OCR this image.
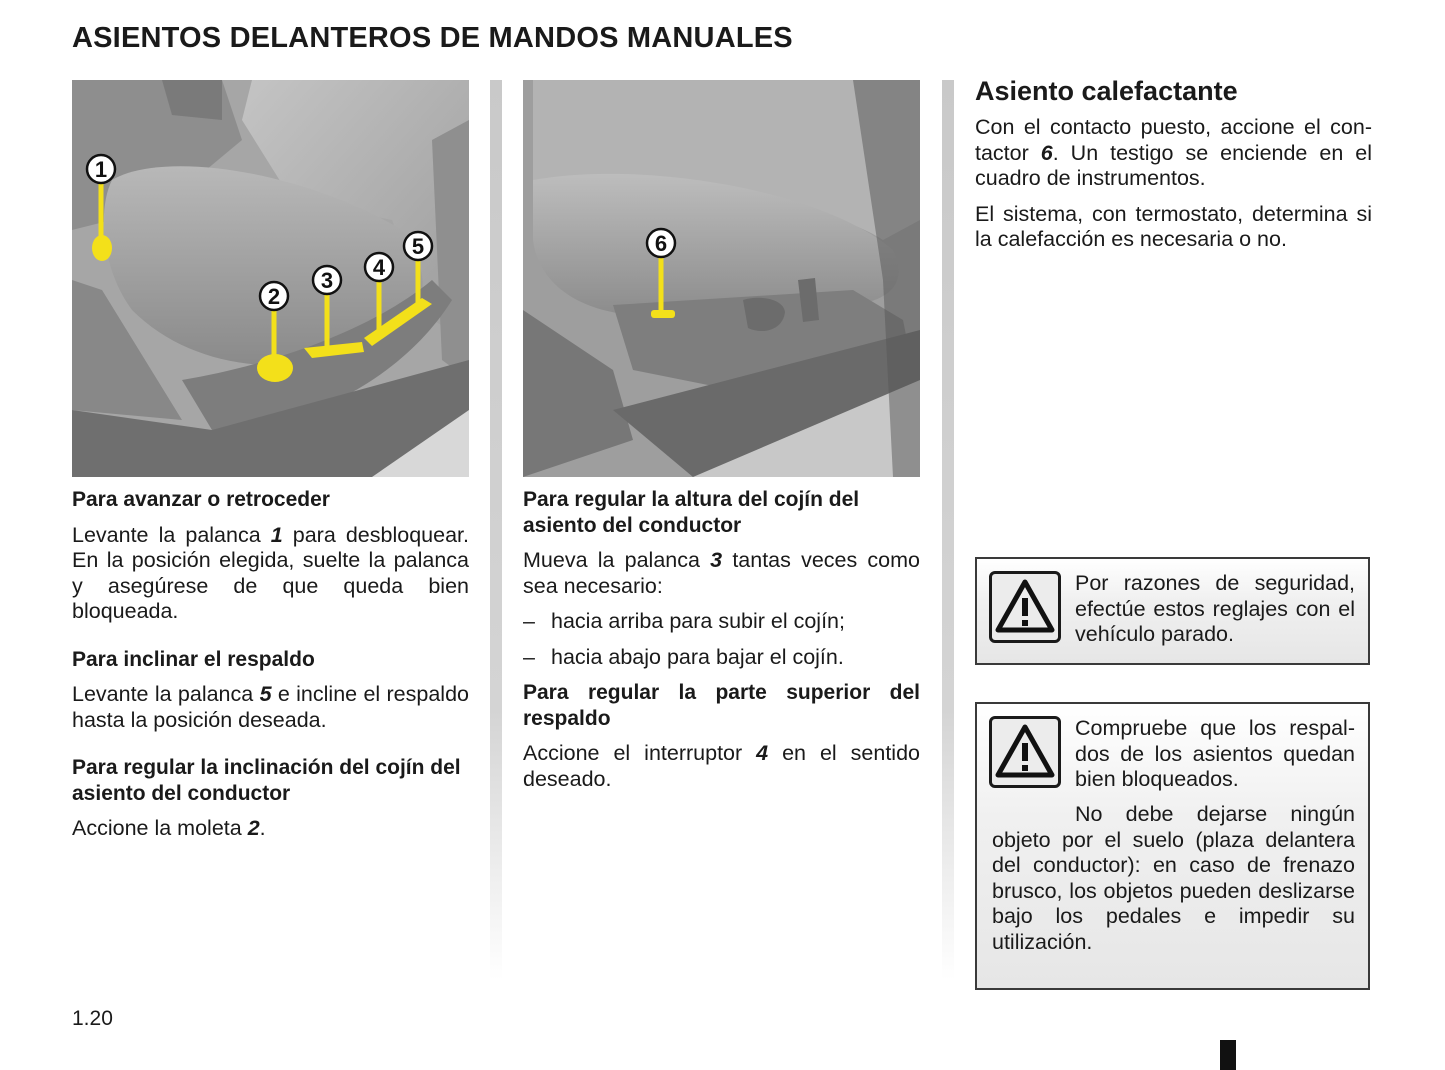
ASIENTOS DELANTEROS DE MANDOS MANUALES
1
2
3
4
5
Para avanzar o retroceder

Levante la palanca 1 para desbloquear. En la posición elegida, suelte la palanca y asegúrese de que queda bien bloqueada.

Para inclinar el respaldo

Levante la palanca 5 e incline el respaldo hasta la posición deseada.

Para regular la inclinación del cojín del asiento del conductor

Accione la moleta 2.

6
Para regular la altura del cojín del asiento del conductor

Mueva la palanca 3 tantas veces como sea necesario:

– hacia arriba para subir el cojín;
– hacia abajo para bajar el cojín.
Para regular la parte superior del respaldo

Accione el interruptor 4 en el sentido deseado.

Asiento calefactante

Con el contacto puesto, accione el contactor 6. Un testigo se enciende en el cuadro de instrumentos.

El sistema, con termostato, determina si la calefacción es necesaria o no.

Por razones de seguridad, efectúe estos reglajes con el vehículo parado.
Compruebe que los respaldos de los asientos quedan bien bloqueados.
No debe dejarse ningún objeto por el suelo (plaza delantera del conductor): en caso de frenazo brusco, los objetos pueden deslizarse bajo los pedales e impedir su utilización.
1.20
